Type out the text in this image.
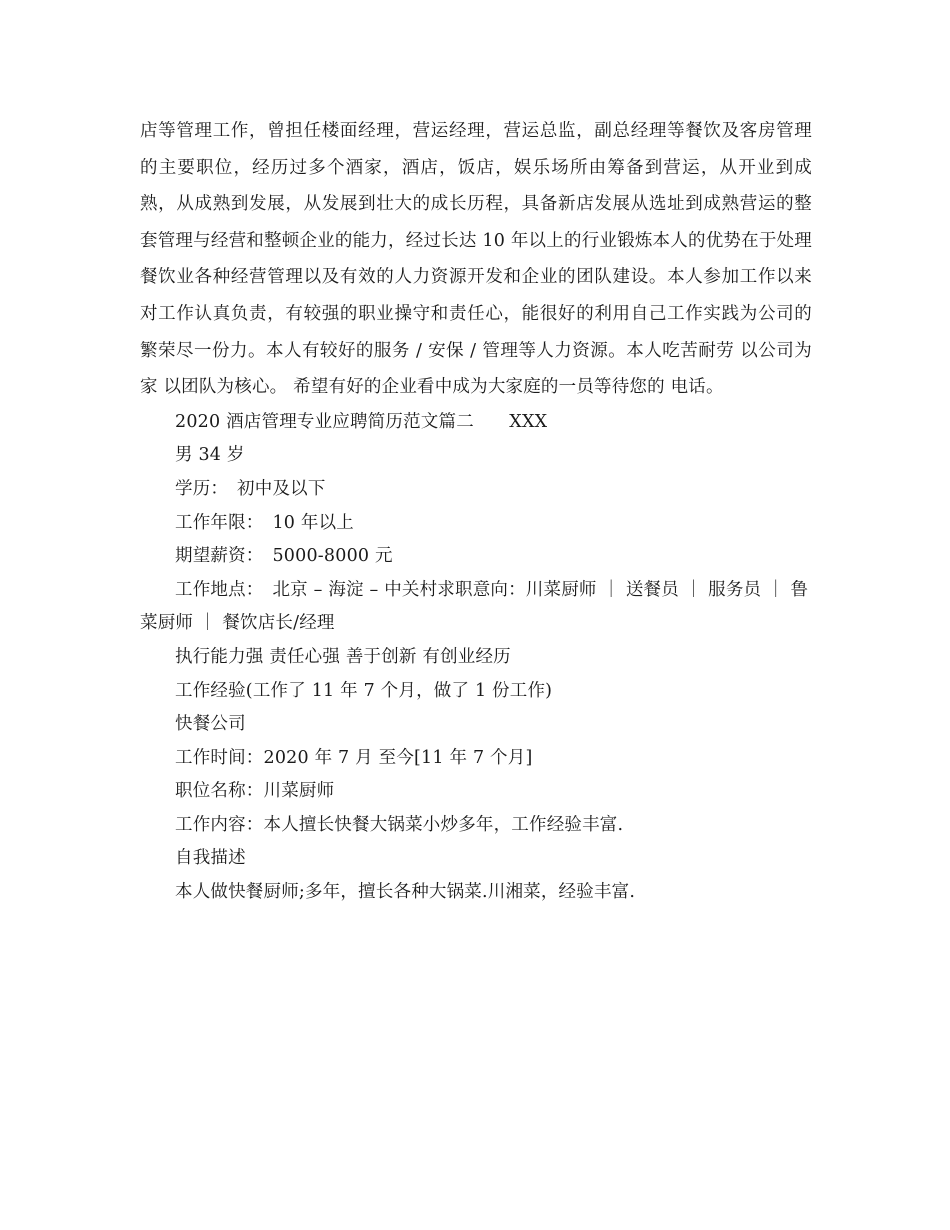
店等管理工作，曾担任楼面经理，营运经理，营运总监，副总经理等餐饮及客房管理的主要职位，经历过多个酒家，酒店，饭店，娱乐场所由筹备到营运，从开业到成熟，从成熟到发展，从发展到壮大的成长历程，具备新店发展从选址到成熟营运的整套管理与经营和整顿企业的能力，经过长达 10 年以上的行业锻炼本人的优势在于处理餐饮业各种经营管理以及有效的人力资源开发和企业的团队建设。本人参加工作以来对工作认真负责，有较强的职业操守和责任心，能很好的利用自己工作实践为公司的繁荣尽一份力。本人有较好的服务 / 安保 / 管理等人力资源。本人吃苦耐劳 以公司为家 以团队为核心。 希望有好的企业看中成为大家庭的一员等待您的 电话。

2020 酒店管理专业应聘简历范文篇二　　XXX
男 34 岁
学历：　初中及以下
工作年限：　10 年以上
期望薪资：　5000-8000 元
工作地点：　北京 – 海淀 – 中关村求职意向：川菜厨师 ｜ 送餐员 ｜ 服务员 ｜ 鲁菜厨师 ｜ 餐饮店长/经理
执行能力强 责任心强 善于创新 有创业经历
工作经验(工作了 11 年 7 个月，做了 1 份工作)
快餐公司
工作时间：2020 年 7 月 至今[11 年 7 个月]
职位名称：川菜厨师
工作内容：本人擅长快餐大锅菜小炒多年，工作经验丰富.
自我描述
本人做快餐厨师;多年，擅长各种大锅菜.川湘菜，经验丰富.
